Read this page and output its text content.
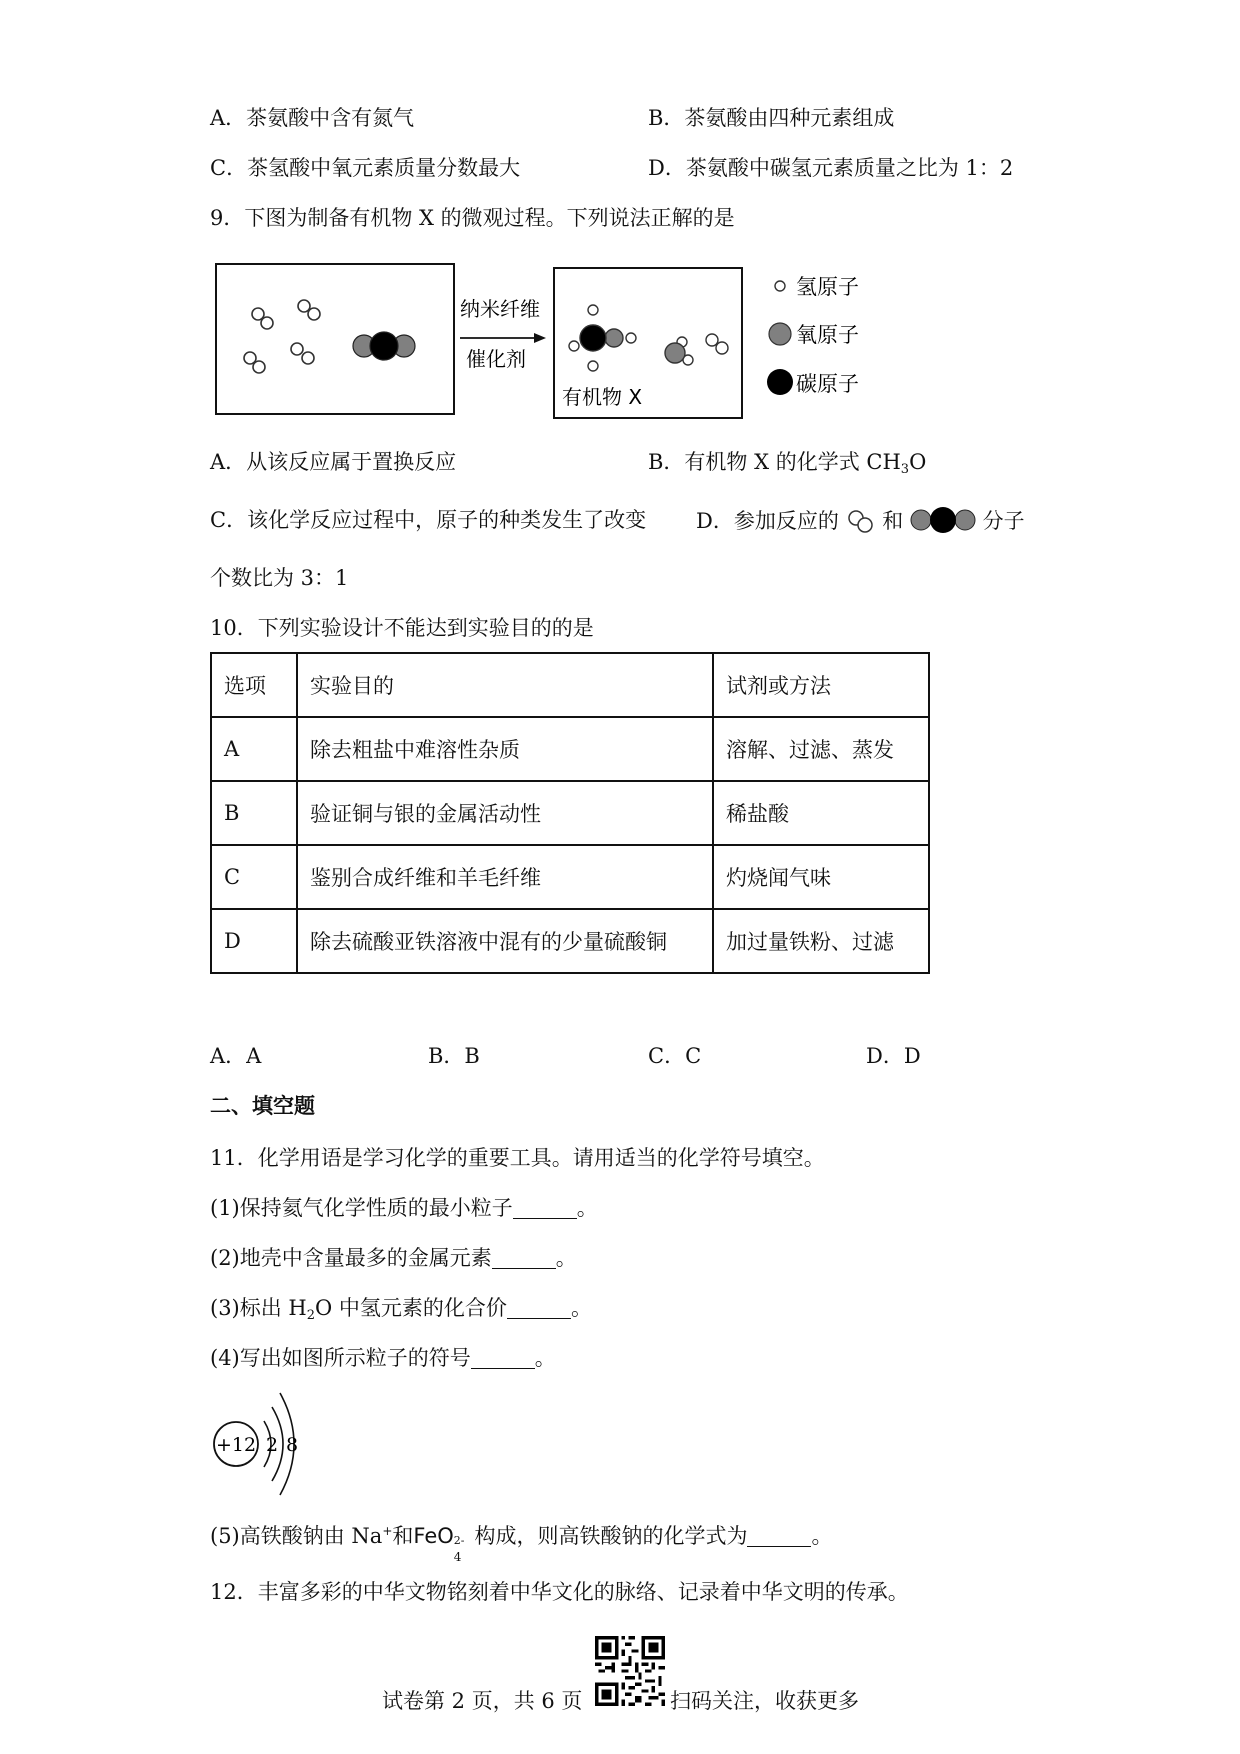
A．茶氨酸中含有氮气	B．茶氨酸由四种元素组成
C．茶氢酸中氧元素质量分数最大	D．茶氨酸中碳氢元素质量之比为 1：2
9．下图为制备有机物 X 的微观过程。下列说法正解的是
纳米纤维
催化剂
有机物 X
氢原子
氧原子
碳原子
A．从该反应属于置换反应	B．有机物 X 的化学式 $CH_3O$
C．该化学反应过程中，原子的种类发生了改变 D．参加反应的 和	分子
个数比为 3：1
10．下列实验设计不能达到实验目的的是
选项	实验目的	试剂或方法
A	除去粗盐中难溶性杂质	溶解、过滤、蒸发
B	验证铜与银的金属活动性	稀盐酸
C	鉴别合成纤维和羊毛纤维	灼烧闻气味
D	除去硫酸亚铁溶液中混有的少量硫酸铜	加过量铁粉、过滤
A．A	B．B	C．C	D．D
二、填空题
11．化学用语是学习化学的重要工具。请用适当的化学符号填空。
(1)保持氦气化学性质的最小粒子	。
(2)地壳中含量最多的金属元素	。
(3)标出 $H_2O$ 中氢元素的化合价	。
(4)写出如图所示粒子的符号	。
+12 2 8
(5)高铁酸钠由 Na+和FeO 2-
4
构成，则高铁酸钠的化学式为	。
12．丰富多彩的中华文物铭刻着中华文化的脉络、记录着中华文明的传承。
试卷第 2 页，共 6 页	扫码关注，收获更多
